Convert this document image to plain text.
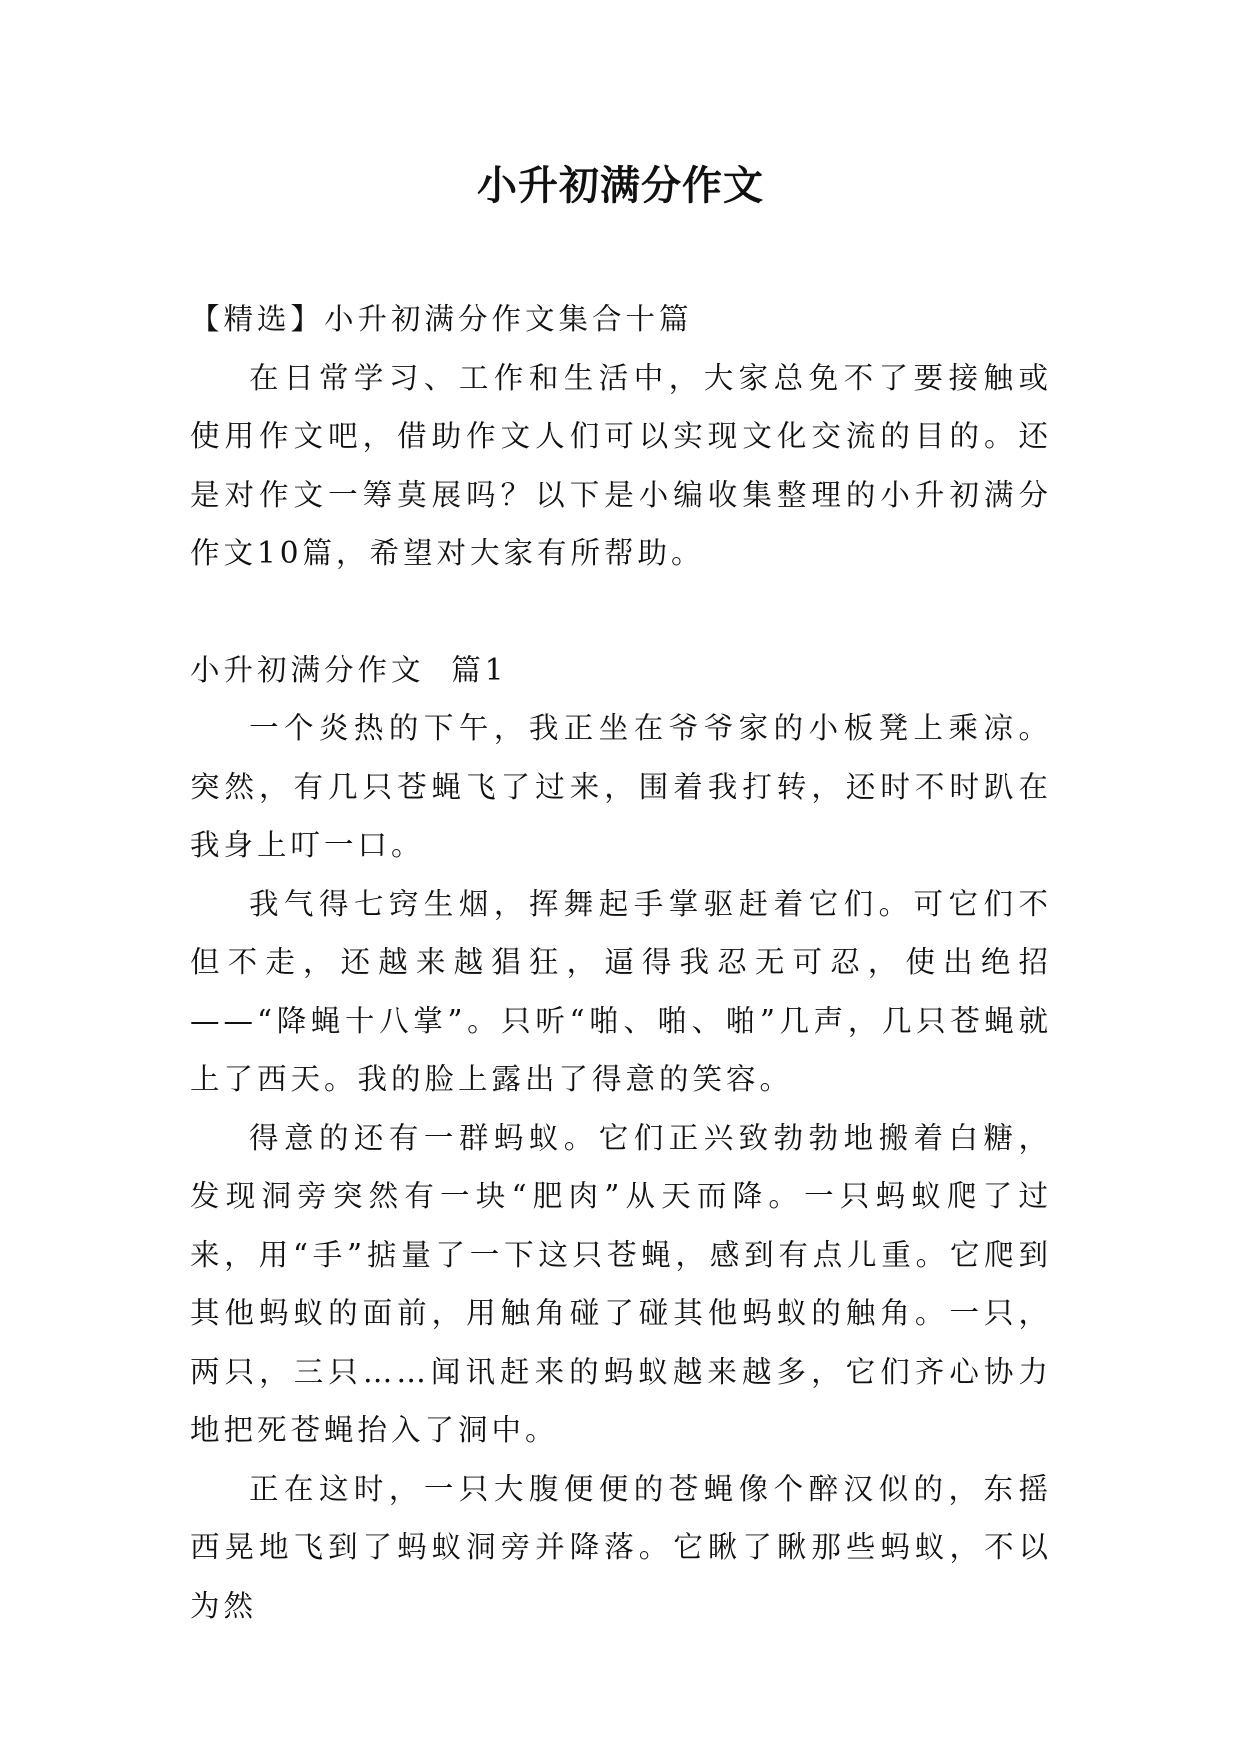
小升初满分作文

【精选】小升初满分作文集合十篇

在日常学习、工作和生活中，大家总免不了要接触或使用作文吧，借助作文人们可以实现文化交流的目的。还是对作文一筹莫展吗？以下是小编收集整理的小升初满分作文10篇，希望对大家有所帮助。

小升初满分作文  篇1

一个炎热的下午，我正坐在爷爷家的小板凳上乘凉。突然，有几只苍蝇飞了过来，围着我打转，还时不时趴在我身上叮一口。

我气得七窍生烟，挥舞起手掌驱赶着它们。可它们不但不走，还越来越猖狂，逼得我忍无可忍，使出绝招——“降蝇十八掌”。只听“啪、啪、啪”几声，几只苍蝇就上了西天。我的脸上露出了得意的笑容。

得意的还有一群蚂蚁。它们正兴致勃勃地搬着白糖，发现洞旁突然有一块“肥肉”从天而降。一只蚂蚁爬了过来，用“手”掂量了一下这只苍蝇，感到有点儿重。它爬到其他蚂蚁的面前，用触角碰了碰其他蚂蚁的触角。一只，两只，三只……闻讯赶来的蚂蚁越来越多，它们齐心协力地把死苍蝇抬入了洞中。

正在这时，一只大腹便便的苍蝇像个醉汉似的，东摇西晃地飞到了蚂蚁洞旁并降落。它瞅了瞅那些蚂蚁，不以为然
